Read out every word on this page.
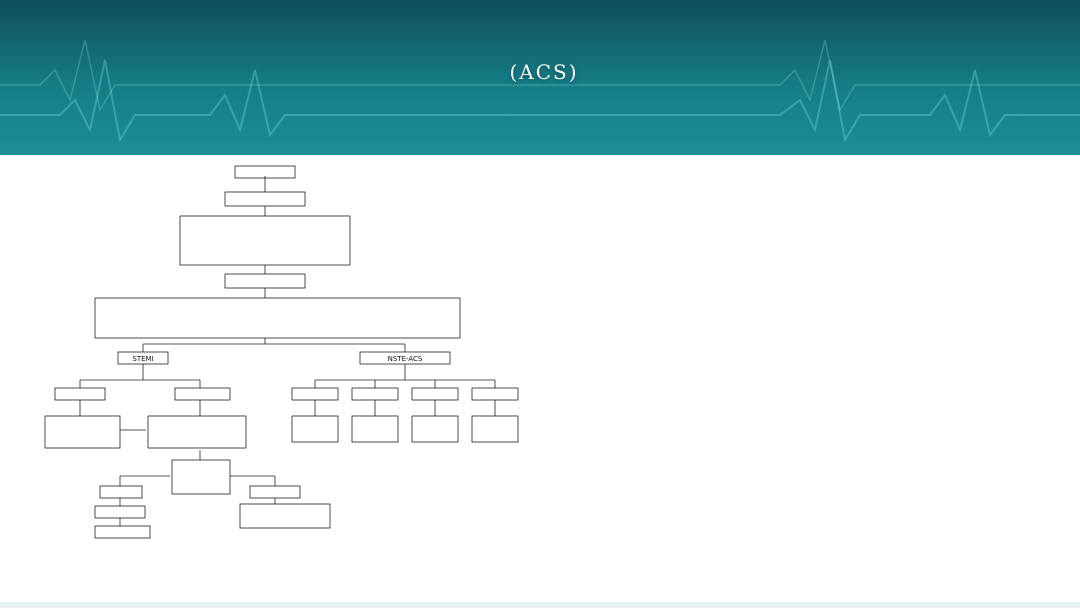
$^{(ACS)}$
STEMI	NSTE-ACS
